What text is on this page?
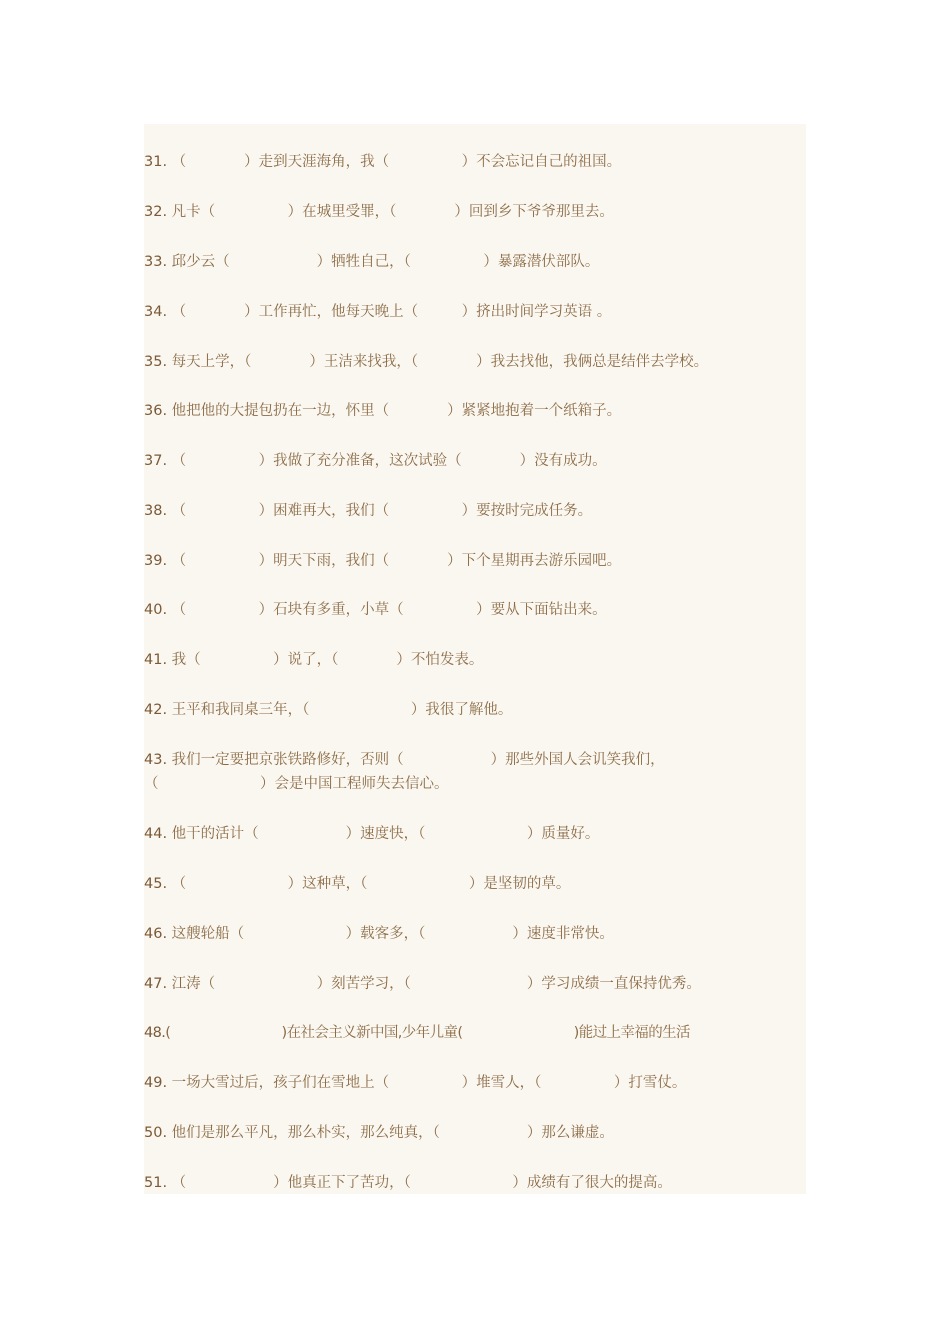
31. （　　　　）走到天涯海角，我（　　　　　）不会忘记自己的祖国。
32. 凡卡（　　　　　）在城里受罪，（　　　　）回到乡下爷爷那里去。
33. 邱少云（　　　　　　）牺牲自己，（　　　　　）暴露潜伏部队。
34. （　　　　）工作再忙，他每天晚上（　　　）挤出时间学习英语 。
35. 每天上学，（　　　　）王洁来找我，（　　　　）我去找他，我俩总是结伴去学校。
36. 他把他的大提包扔在一边，怀里（　　　　）紧紧地抱着一个纸箱子。
37. （　　　　　）我做了充分准备，这次试验（　　　　）没有成功。
38. （　　　　　）困难再大，我们（　　　　　）要按时完成任务。
39. （　　　　　）明天下雨，我们（　　　　）下个星期再去游乐园吧。
40. （　　　　　）石块有多重，小草（　　　　　）要从下面钻出来。
41. 我（　　　　　）说了，（　　　　）不怕发表。
42. 王平和我同桌三年，（　　　　　　　）我很了解他。
43. 我们一定要把京张铁路修好，否则（　　　　　　）那些外国人会讥笑我们，
（　　　　　　　）会是中国工程师失去信心。
44. 他干的活计（　　　　　　）速度快，（　　　　　　　）质量好。
45. （　　　　　　　）这种草，（　　　　　　　）是坚韧的草。
46. 这艘轮船（　　　　　　　）载客多，（　　　　　　）速度非常快。
47. 江涛（　　　　　　　）刻苦学习，（　　　　　　　　）学习成绩一直保持优秀。
48.(　　　　　　　　)在社会主义新中国,少年儿童(　　　　　　　　)能过上幸福的生活
49. 一场大雪过后，孩子们在雪地上（　　　　　）堆雪人，（　　　　　）打雪仗。
50. 他们是那么平凡，那么朴实，那么纯真，（　　　　　　）那么谦虚。
51. （　　　　　　）他真正下了苦功，（　　　　　　　）成绩有了很大的提高。
